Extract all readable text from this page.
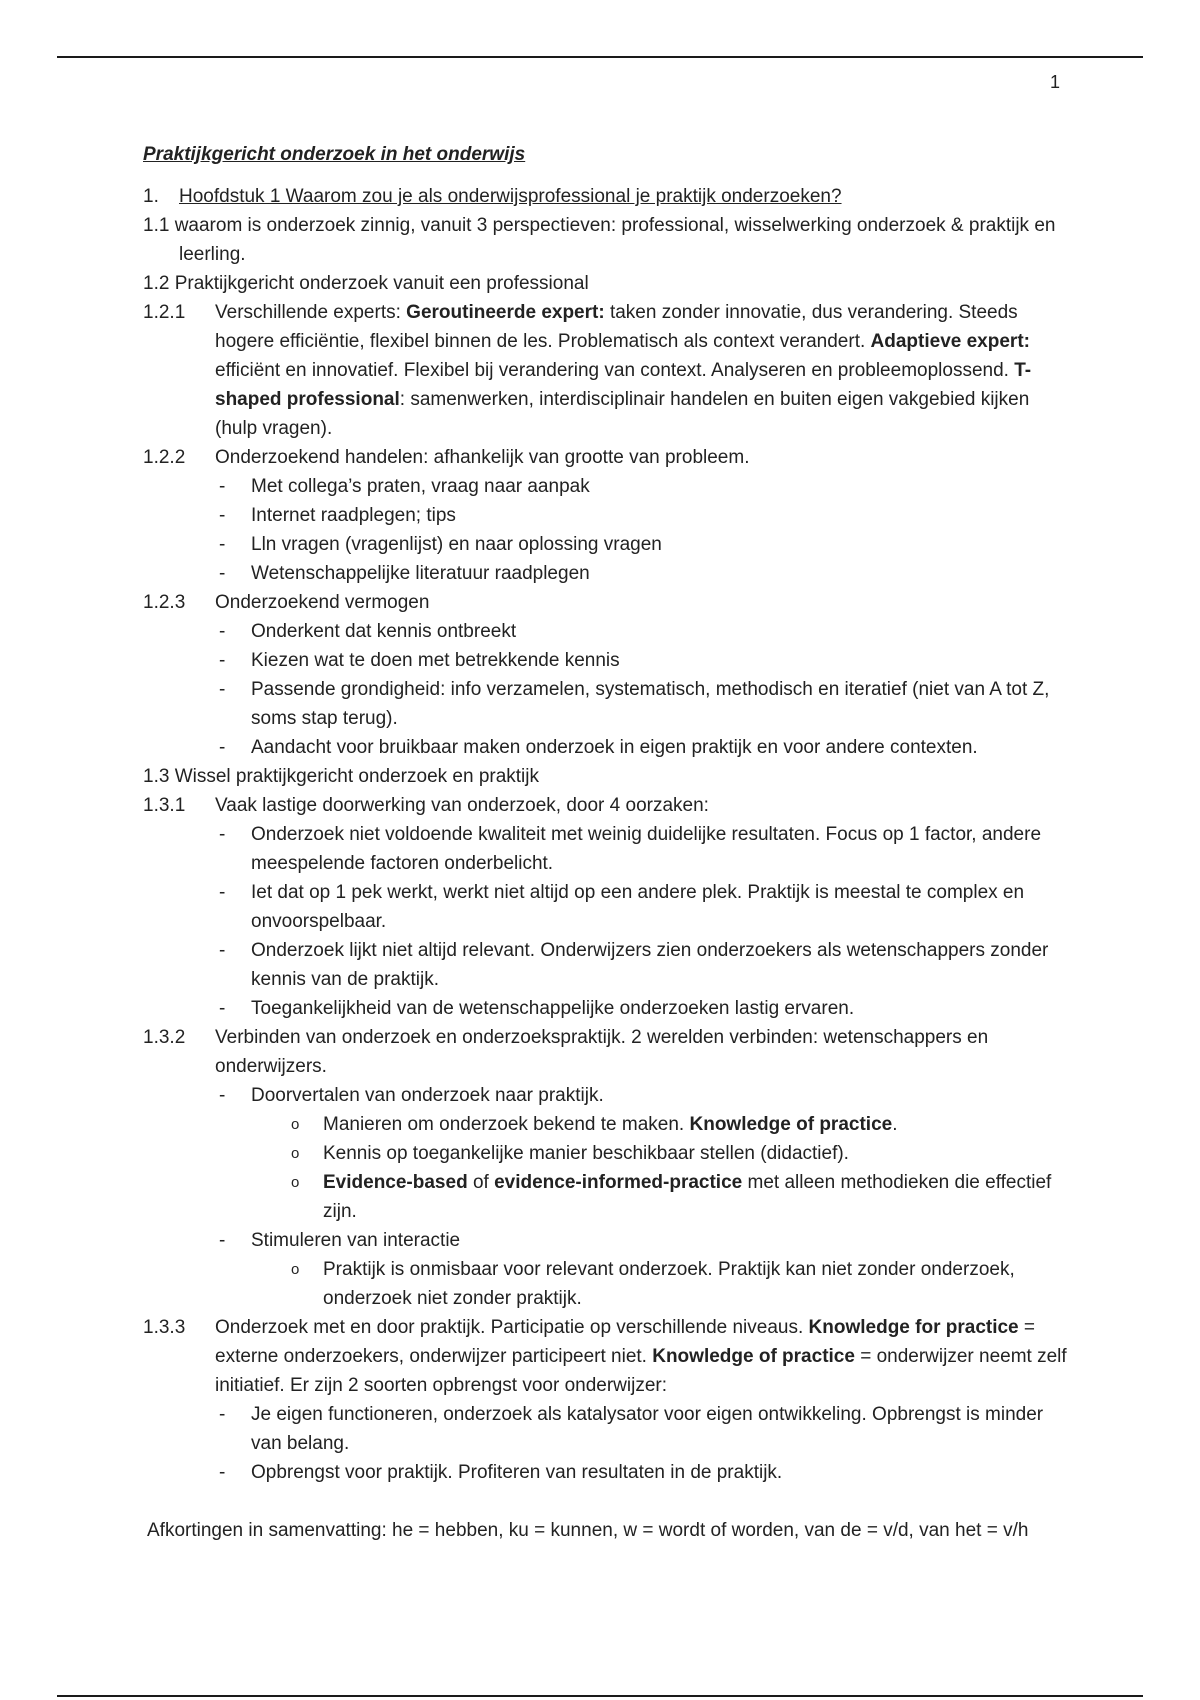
1
Praktijkgericht onderzoek in het onderwijs
1.	Hoofdstuk 1 Waarom zou je als onderwijsprofessional je praktijk onderzoeken?
1.1 waarom is onderzoek zinnig, vanuit 3 perspectieven: professional, wisselwerking onderzoek & praktijk en leerling.
1.2 Praktijkgericht onderzoek vanuit een professional
1.2.1	Verschillende experts: Geroutineerde expert: taken zonder innovatie, dus verandering. Steeds hogere efficiëntie, flexibel binnen de les. Problematisch als context verandert. Adaptieve expert: efficiënt en innovatief. Flexibel bij verandering van context. Analyseren en probleemoplossend. T-shaped professional: samenwerken, interdisciplinair handelen en buiten eigen vakgebied kijken (hulp vragen).
1.2.2	Onderzoekend handelen: afhankelijk van grootte van probleem.
-	Met collega’s praten, vraag naar aanpak
-	Internet raadplegen; tips
-	Lln vragen (vragenlijst) en naar oplossing vragen
-	Wetenschappelijke literatuur raadplegen
1.2.3	Onderzoekend vermogen
-	Onderkent dat kennis ontbreekt
-	Kiezen wat te doen met betrekkende kennis
-	Passende grondigheid: info verzamelen, systematisch, methodisch en iteratief (niet van A tot Z, soms stap terug).
-	Aandacht voor bruikbaar maken onderzoek in eigen praktijk en voor andere contexten.
1.3 Wissel praktijkgericht onderzoek en praktijk
1.3.1	Vaak lastige doorwerking van onderzoek, door 4 oorzaken:
-	Onderzoek niet voldoende kwaliteit met weinig duidelijke resultaten. Focus op 1 factor, andere meespelende factoren onderbelicht.
-	Iet dat op 1 pek werkt, werkt niet altijd op een andere plek. Praktijk is meestal te complex en onvoorspelbaar.
-	Onderzoek lijkt niet altijd relevant. Onderwijzers zien onderzoekers als wetenschappers zonder kennis van de praktijk.
-	Toegankelijkheid van de wetenschappelijke onderzoeken lastig ervaren.
1.3.2	Verbinden van onderzoek en onderzoekspraktijk. 2 werelden verbinden: wetenschappers en onderwijzers.
-	Doorvertalen van onderzoek naar praktijk.
o	Manieren om onderzoek bekend te maken. Knowledge of practice.
o	Kennis op toegankelijke manier beschikbaar stellen (didactief).
o	Evidence-based of evidence-informed-practice met alleen methodieken die effectief zijn.
-	Stimuleren van interactie
o	Praktijk is onmisbaar voor relevant onderzoek. Praktijk kan niet zonder onderzoek, onderzoek niet zonder praktijk.
1.3.3	Onderzoek met en door praktijk. Participatie op verschillende niveaus. Knowledge for practice = externe onderzoekers, onderwijzer participeert niet. Knowledge of practice = onderwijzer neemt zelf initiatief. Er zijn 2 soorten opbrengst voor onderwijzer:
-	Je eigen functioneren, onderzoek als katalysator voor eigen ontwikkeling. Opbrengst is minder van belang.
-	Opbrengst voor praktijk. Profiteren van resultaten in de praktijk.
Afkortingen in samenvatting: he = hebben, ku = kunnen, w = wordt of worden, van de = v/d, van het = v/h
